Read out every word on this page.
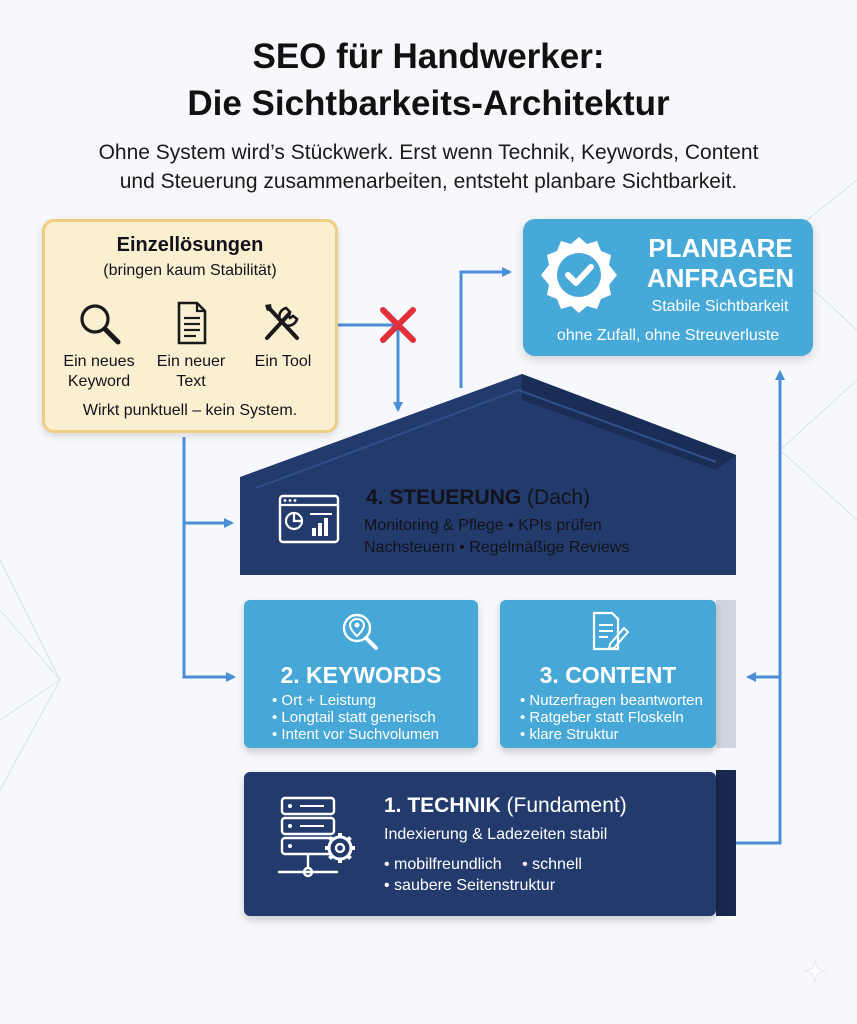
SEO für Handwerker:
Die Sichtbarkeits-Architektur
Ohne System wird’s Stückwerk. Erst wenn Technik, Keywords, Content
und Steuerung zusammenarbeiten, entsteht planbare Sichtbarkeit.
Einzellösungen
(bringen kaum Stabilität)
Ein neues
Keyword
Ein neuer
Text
Ein Tool
Wirkt punktuell – kein System.
PLANBARE
ANFRAGEN
Stabile Sichtbarkeit
ohne Zufall, ohne Streuverluste
4. STEUERUNG (Dach)
Monitoring & Pflege • KPIs prüfen
Nachsteuern • Regelmäßige Reviews
2. KEYWORDS
• Ort + Leistung
• Longtail statt generisch
• Intent vor Suchvolumen
3. CONTENT
• Nutzerfragen beantworten
• Ratgeber statt Floskeln
• klare Struktur
1. TECHNIK (Fundament)
Indexierung & Ladezeiten stabil
• mobilfreundlich • schnell
• saubere Seitenstruktur
